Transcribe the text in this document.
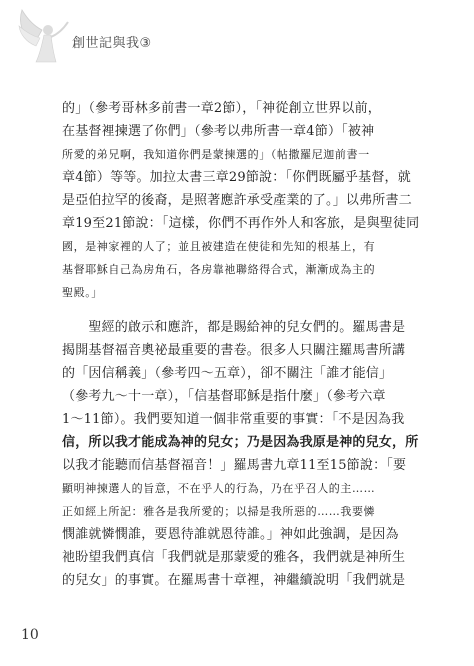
創世記與我③
的」（參考哥林多前書一章2節），「神從創立世界以前，
在基督裡揀選了你們」（參考以弗所書一章4節）「被神
所愛的弟兄啊，我知道你們是蒙揀選的」（帖撒羅尼迦前書一
章4節）等等。加拉太書三章29節說：「你們既屬乎基督，就
是亞伯拉罕的後裔，是照著應許承受產業的了。」以弗所書二
章19至21節說：「這樣，你們不再作外人和客旅，是與聖徒同
國，是神家裡的人了；並且被建造在使徒和先知的根基上，有
基督耶穌自己為房角石，各房靠祂聯絡得合式，漸漸成為主的
聖殿。」
　　聖經的啟示和應許，都是賜給神的兒女們的。羅馬書是
揭開基督福音奧祕最重要的書卷。很多人只關注羅馬書所講
的「因信稱義」（參考四～五章），卻不關注「誰才能信」
（參考九～十一章），「信基督耶穌是指什麼」（參考六章
1～11節）。我們要知道一個非常重要的事實：「不是因為我
信，所以我才能成為神的兒女；乃是因為我原是神的兒女，所
以我才能聽而信基督福音！」羅馬書九章11至15節說：「要
顯明神揀選人的旨意，不在乎人的行為，乃在乎召人的主……
正如經上所記：雅各是我所愛的；以掃是我所惡的……我要憐
憫誰就憐憫誰，要恩待誰就恩待誰。」神如此強調，是因為
祂盼望我們真信「我們就是那蒙愛的雅各，我們就是神所生
的兒女」的事實。在羅馬書十章裡，神繼續說明「我們就是
10
